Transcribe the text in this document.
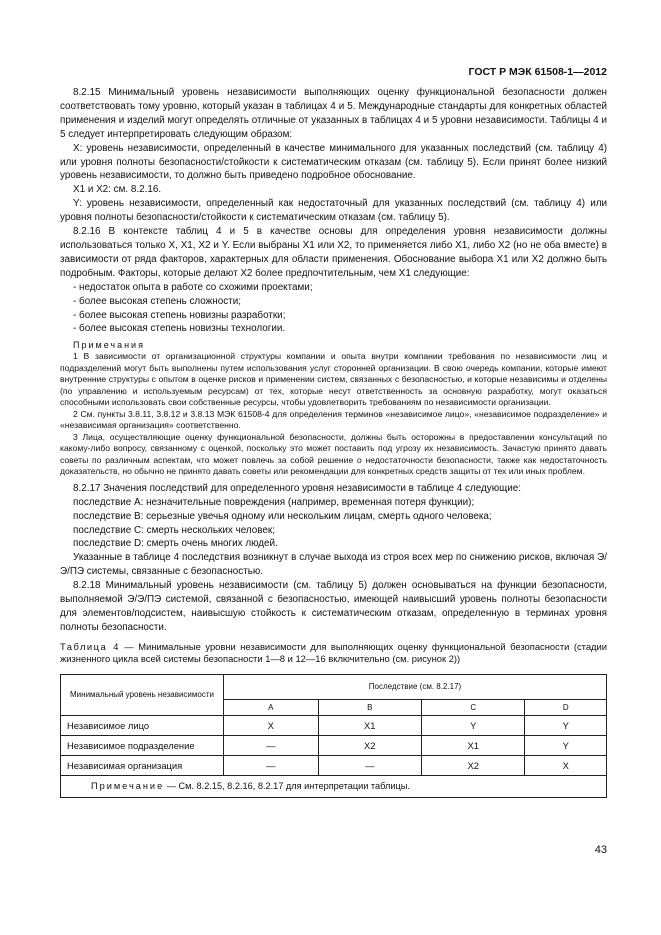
ГОСТ Р МЭК 61508-1—2012

8.2.15 Минимальный уровень независимости выполняющих оценку функциональной безопасности должен соответствовать тому уровню, который указан в таблицах 4 и 5. Международные стандарты для конкретных областей применения и изделий могут определять отличные от указанных в таблицах 4 и 5 уровни независимости. Таблицы 4 и 5 следует интерпретировать следующим образом:

X: уровень независимости, определенный в качестве минимального для указанных последствий (см. таблицу 4) или уровня полноты безопасности/стойкости к систематическим отказам (см. таблицу 5). Если принят более низкий уровень независимости, то должно быть приведено подробное обоснование.

X1 и X2: см. 8.2.16.

Y: уровень независимости, определенный как недостаточный для указанных последствий (см. таблицу 4) или уровня полноты безопасности/стойкости к систематическим отказам (см. таблицу 5).

8.2.16 В контексте таблиц 4 и 5 в качестве основы для определения уровня независимости должны использоваться только X, X1, X2 и Y. Если выбраны X1 или X2, то применяется либо X1, либо X2 (но не оба вместе) в зависимости от ряда факторов, характерных для области применения. Обоснование выбора X1 или X2 должно быть подробным. Факторы, которые делают X2 более предпочтительным, чем X1 следующие:

- недостаток опыта в работе со схожими проектами;
- более высокая степень сложности;
- более высокая степень новизны разработки;
- более высокая степень новизны технологии.

Примечания

1 В зависимости от организационной структуры компании и опыта внутри компании требования по независимости лиц и подразделений могут быть выполнены путем использования услуг сторонней организации. В свою очередь компании, которые имеют внутренние структуры с опытом в оценке рисков и применении систем, связанных с безопасностью, и которые независимы и отделены (по управлению и используемым ресурсам) от тех, которые несут ответственность за основную разработку, могут оказаться способными использовать свои собственные ресурсы, чтобы удовлетворить требованиям по независимости организации.

2 См. пункты 3.8.11, 3.8.12 и 3.8.13 МЭК 61508-4 для определения терминов «независимое лицо», «независимое подразделение» и «независимая организация» соответственно.

3 Лица, осуществляющие оценку функциональной безопасности, должны быть осторожны в предоставлении консультаций по какому-либо вопросу, связанному с оценкой, поскольку это может поставить под угрозу их независимость. Зачастую принято давать советы по различным аспектам, что может повлечь за собой решение о недостаточности безопасности, также как недостаточность доказательств, но обычно не принято давать советы или рекомендации для конкретных средств защиты от тех или иных проблем.

8.2.17 Значения последствий для определенного уровня независимости в таблице 4 следующие:

последствие A: незначительные повреждения (например, временная потеря функции);

последствие B: серьезные увечья одному или нескольким лицам, смерть одного человека;

последствие C: смерть нескольких человек;

последствие D: смерть очень многих людей.

Указанные в таблице 4 последствия возникнут в случае выхода из строя всех мер по снижению рисков, включая Э/Э/ПЭ системы, связанные с безопасностью.

8.2.18 Минимальный уровень независимости (см. таблицу 5) должен основываться на функции безопасности, выполняемой Э/Э/ПЭ системой, связанной с безопасностью, имеющей наивысший уровень полноты безопасности для элементов/подсистем, наивысшую стойкость к систематическим отказам, определенную в терминах уровня полноты безопасности.

Таблица 4 — Минимальные уровни независимости для выполняющих оценку функциональной безопасности (стадии жизненного цикла всей системы безопасности 1—8 и 12—16 включительно (см. рисунок 2))

Минимальный уровень независимости	Последствие (см. 8.2.17)			
	A	B	C	D
Независимое лицо	X	X1	Y	Y
Независимое подразделение	—	X2	X1	Y
Независимая организация	—	—	X2	X
Примечание — См. 8.2.15, 8.2.16, 8.2.17 для интерпретации таблицы.				
43
